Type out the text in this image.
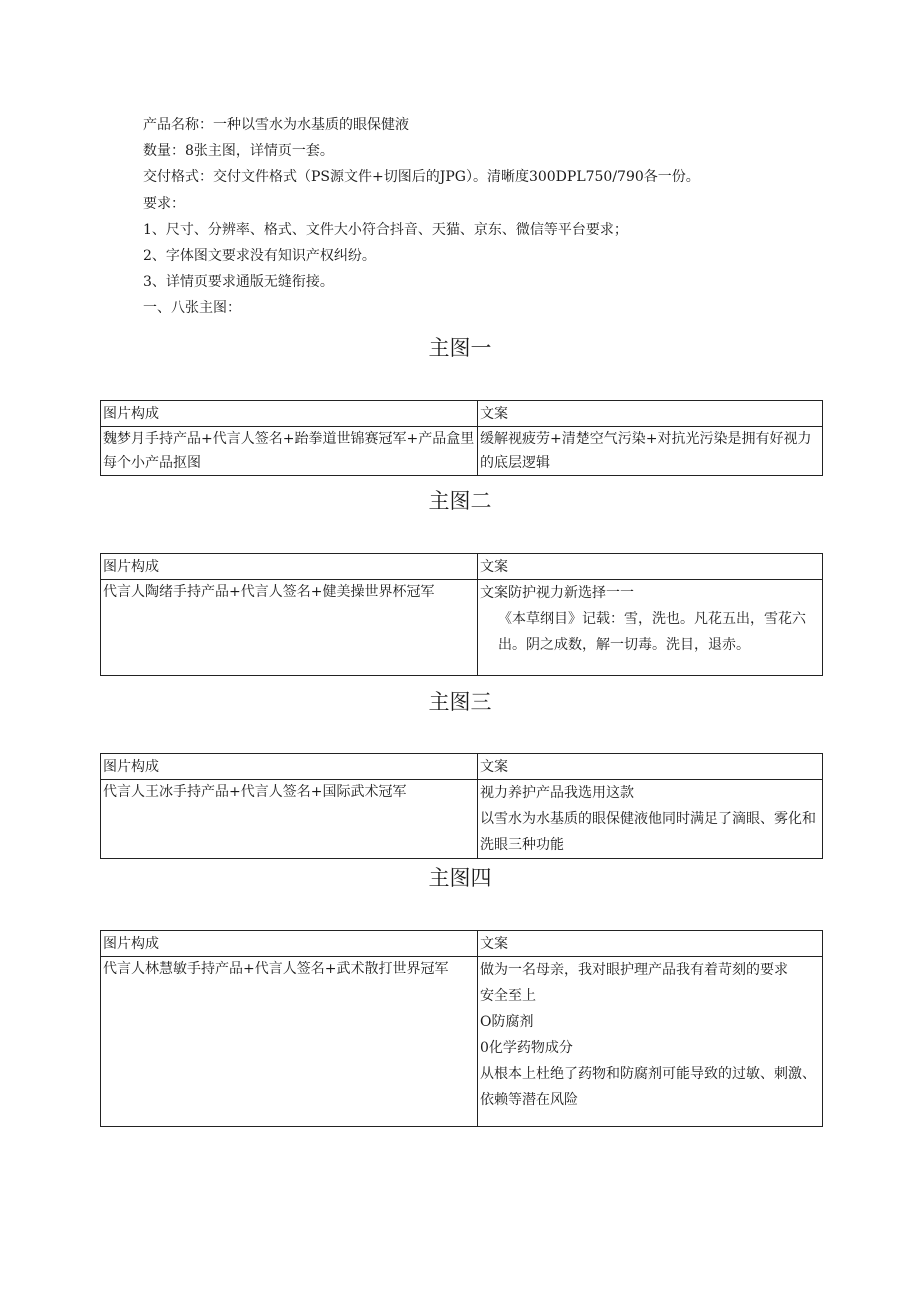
产品名称：一种以雪水为水基质的眼保健液
数量：8张主图，详情页一套。
交付格式：交付文件格式（PS源文件+切图后的JPG）。清晰度300DPL750/790各一份。
要求：
1、尺寸、分辨率、格式、文件大小符合抖音、天猫、京东、微信等平台要求；
2、字体图文要求没有知识产权纠纷。
3、详情页要求通版无缝衔接。
一、八张主图：
主图一
图片构成	文案
魏梦月手持产品+代言人签名+跆拳道世锦赛冠军+产品盒里每个小产品抠图	缓解视疲劳+清楚空气污染+对抗光污染是拥有好视力的底层逻辑
主图二
图片构成	文案
代言人陶绪手持产品+代言人签名+健美操世界杯冠军	文案防护视力新选择一一
《本草纲目》记载：雪，洗也。凡花五出，雪花六出。阴之成数，解一切毒。洗目，退赤。
主图三
图片构成	文案
代言人王冰手持产品+代言人签名+国际武术冠军	视力养护产品我选用这款
以雪水为水基质的眼保健液他同时满足了滴眼、雾化和洗眼三种功能
主图四
图片构成	文案
代言人林慧敏手持产品+代言人签名+武术散打世界冠军	做为一名母亲，我对眼护理产品我有着苛刻的要求
安全至上
O防腐剂
0化学药物成分
从根本上杜绝了药物和防腐剂可能导致的过敏、刺激、依赖等潜在风险
